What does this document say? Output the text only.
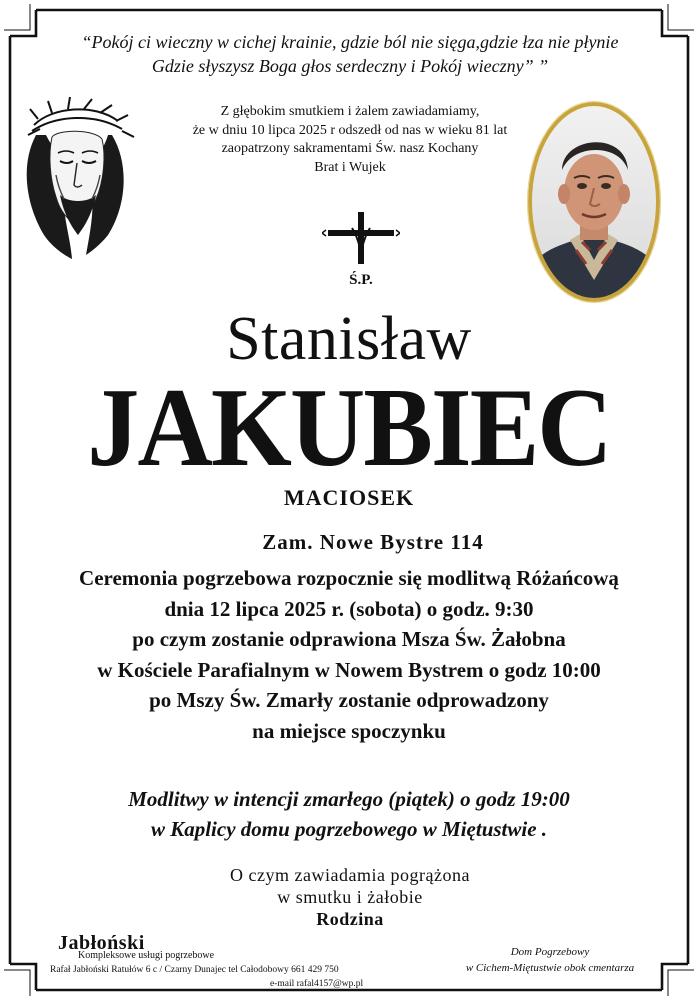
“Pokój ci wieczny w cichej krainie, gdzie ból nie sięga,gdzie łza nie płynie
Gdzie słyszysz Boga głos serdeczny i Pokój wieczny” ”
Z głębokim smutkiem i żalem zawiadamiamy,
że w dniu 10 lipca 2025 r odszedł od nas w wieku 81 lat
zaopatrzony sakramentami Św. nasz Kochany
Brat i Wujek
Ś.P.
Stanisław
JAKUBIEC
MACIOSEK
Zam. Nowe Bystre 114
Ceremonia pogrzebowa rozpocznie się modlitwą Różańcową
dnia 12 lipca 2025 r. (sobota) o godz. 9:30
po czym zostanie odprawiona Msza Św. Żałobna
w Kościele Parafialnym w Nowem Bystrem o godz 10:00
po Mszy Św. Zmarły zostanie odprowadzony
na miejsce spoczynku
Modlitwy w intencji zmarłego (piątek) o godz 19:00
w Kaplicy domu pogrzebowego w Miętustwie .
O czym zawiadamia pogrążona
w smutku i żałobie
Rodzina
Jabłoński
Kompleksowe usługi pogrzebowe
Rafał Jabłoński Ratułów 6 c / Czarny Dunajec tel Całodobowy 661 429 750
e-mail rafal4157@wp.pl
Dom Pogrzebowy
w Cichem-Miętustwie obok cmentarza
